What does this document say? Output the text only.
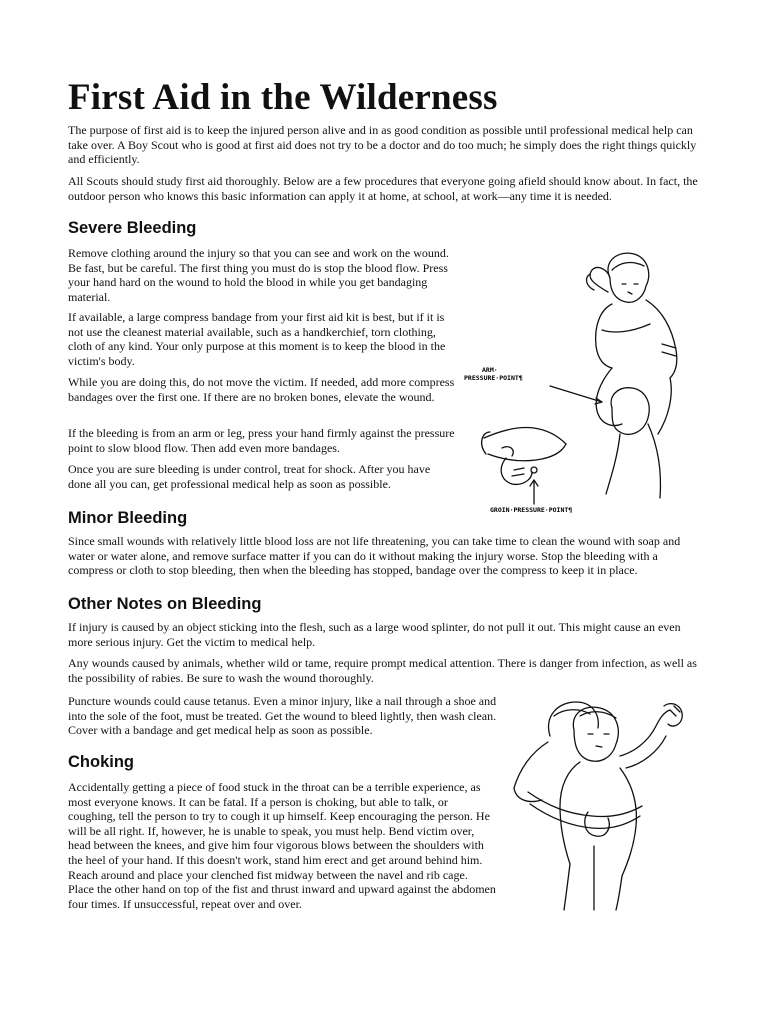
First Aid in the Wilderness

The purpose of first aid is to keep the injured person alive and in as good condition as possible until professional medical help can take over. A Boy Scout who is good at first aid does not try to be a doctor and do too much; he simply does the right things quickly and efficiently.

All Scouts should study first aid thoroughly. Below are a few procedures that everyone going afield should know about. In fact, the outdoor person who knows this basic information can apply it at home, at school, at work—any time it is needed.

Severe Bleeding

Remove clothing around the injury so that you can see and work on the wound. Be fast, but be careful. The first thing you must do is stop the blood flow. Press your hand hard on the wound to hold the blood in while you get bandaging material.

If available, a large compress bandage from your first aid kit is best, but if it is not use the cleanest material available, such as a handkerchief, torn clothing, cloth of any kind. Your only purpose at this moment is to keep the blood in the victim's body.

While you are doing this, do not move the victim. If needed, add more compress bandages over the first one. If there are no broken bones, elevate the wound.

If the bleeding is from an arm or leg, press your hand firmly against the pressure point to slow blood flow. Then add even more bandages.

Once you are sure bleeding is under control, treat for shock. After you have done all you can, get professional medical help as soon as possible.

ARM·
PRESSURE·POINT¶
GROIN·PRESSURE·POINT¶
Minor Bleeding

Since small wounds with relatively little blood loss are not life threatening, you can take time to clean the wound with soap and water or water alone, and remove surface matter if you can do it without making the injury worse. Stop the bleeding with a compress or cloth to stop bleeding, then when the bleeding has stopped, bandage over the compress to keep it in place.

Other Notes on Bleeding

If injury is caused by an object sticking into the flesh, such as a large wood splinter, do not pull it out. This might cause an even more serious injury. Get the victim to medical help.

Any wounds caused by animals, whether wild or tame, require prompt medical attention. There is danger from infection, as well as the possibility of rabies. Be sure to wash the wound thoroughly.

Puncture wounds could cause tetanus. Even a minor injury, like a nail through a shoe and into the sole of the foot, must be treated. Get the wound to bleed lightly, then wash clean. Cover with a bandage and get medical help as soon as possible.

Choking

Accidentally getting a piece of food stuck in the throat can be a terrible experience, as most everyone knows. It can be fatal. If a person is choking, but able to talk, or coughing, tell the person to try to cough it up himself. Keep encouraging the person. He will be all right. If, however, he is unable to speak, you must help. Bend victim over, head between the knees, and give him four vigorous blows between the shoulders with the heel of your hand. If this doesn't work, stand him erect and get around behind him. Reach around and place your clenched fist midway between the navel and rib cage. Place the other hand on top of the fist and thrust inward and upward against the abdomen four times. If unsuccessful, repeat over and over.
